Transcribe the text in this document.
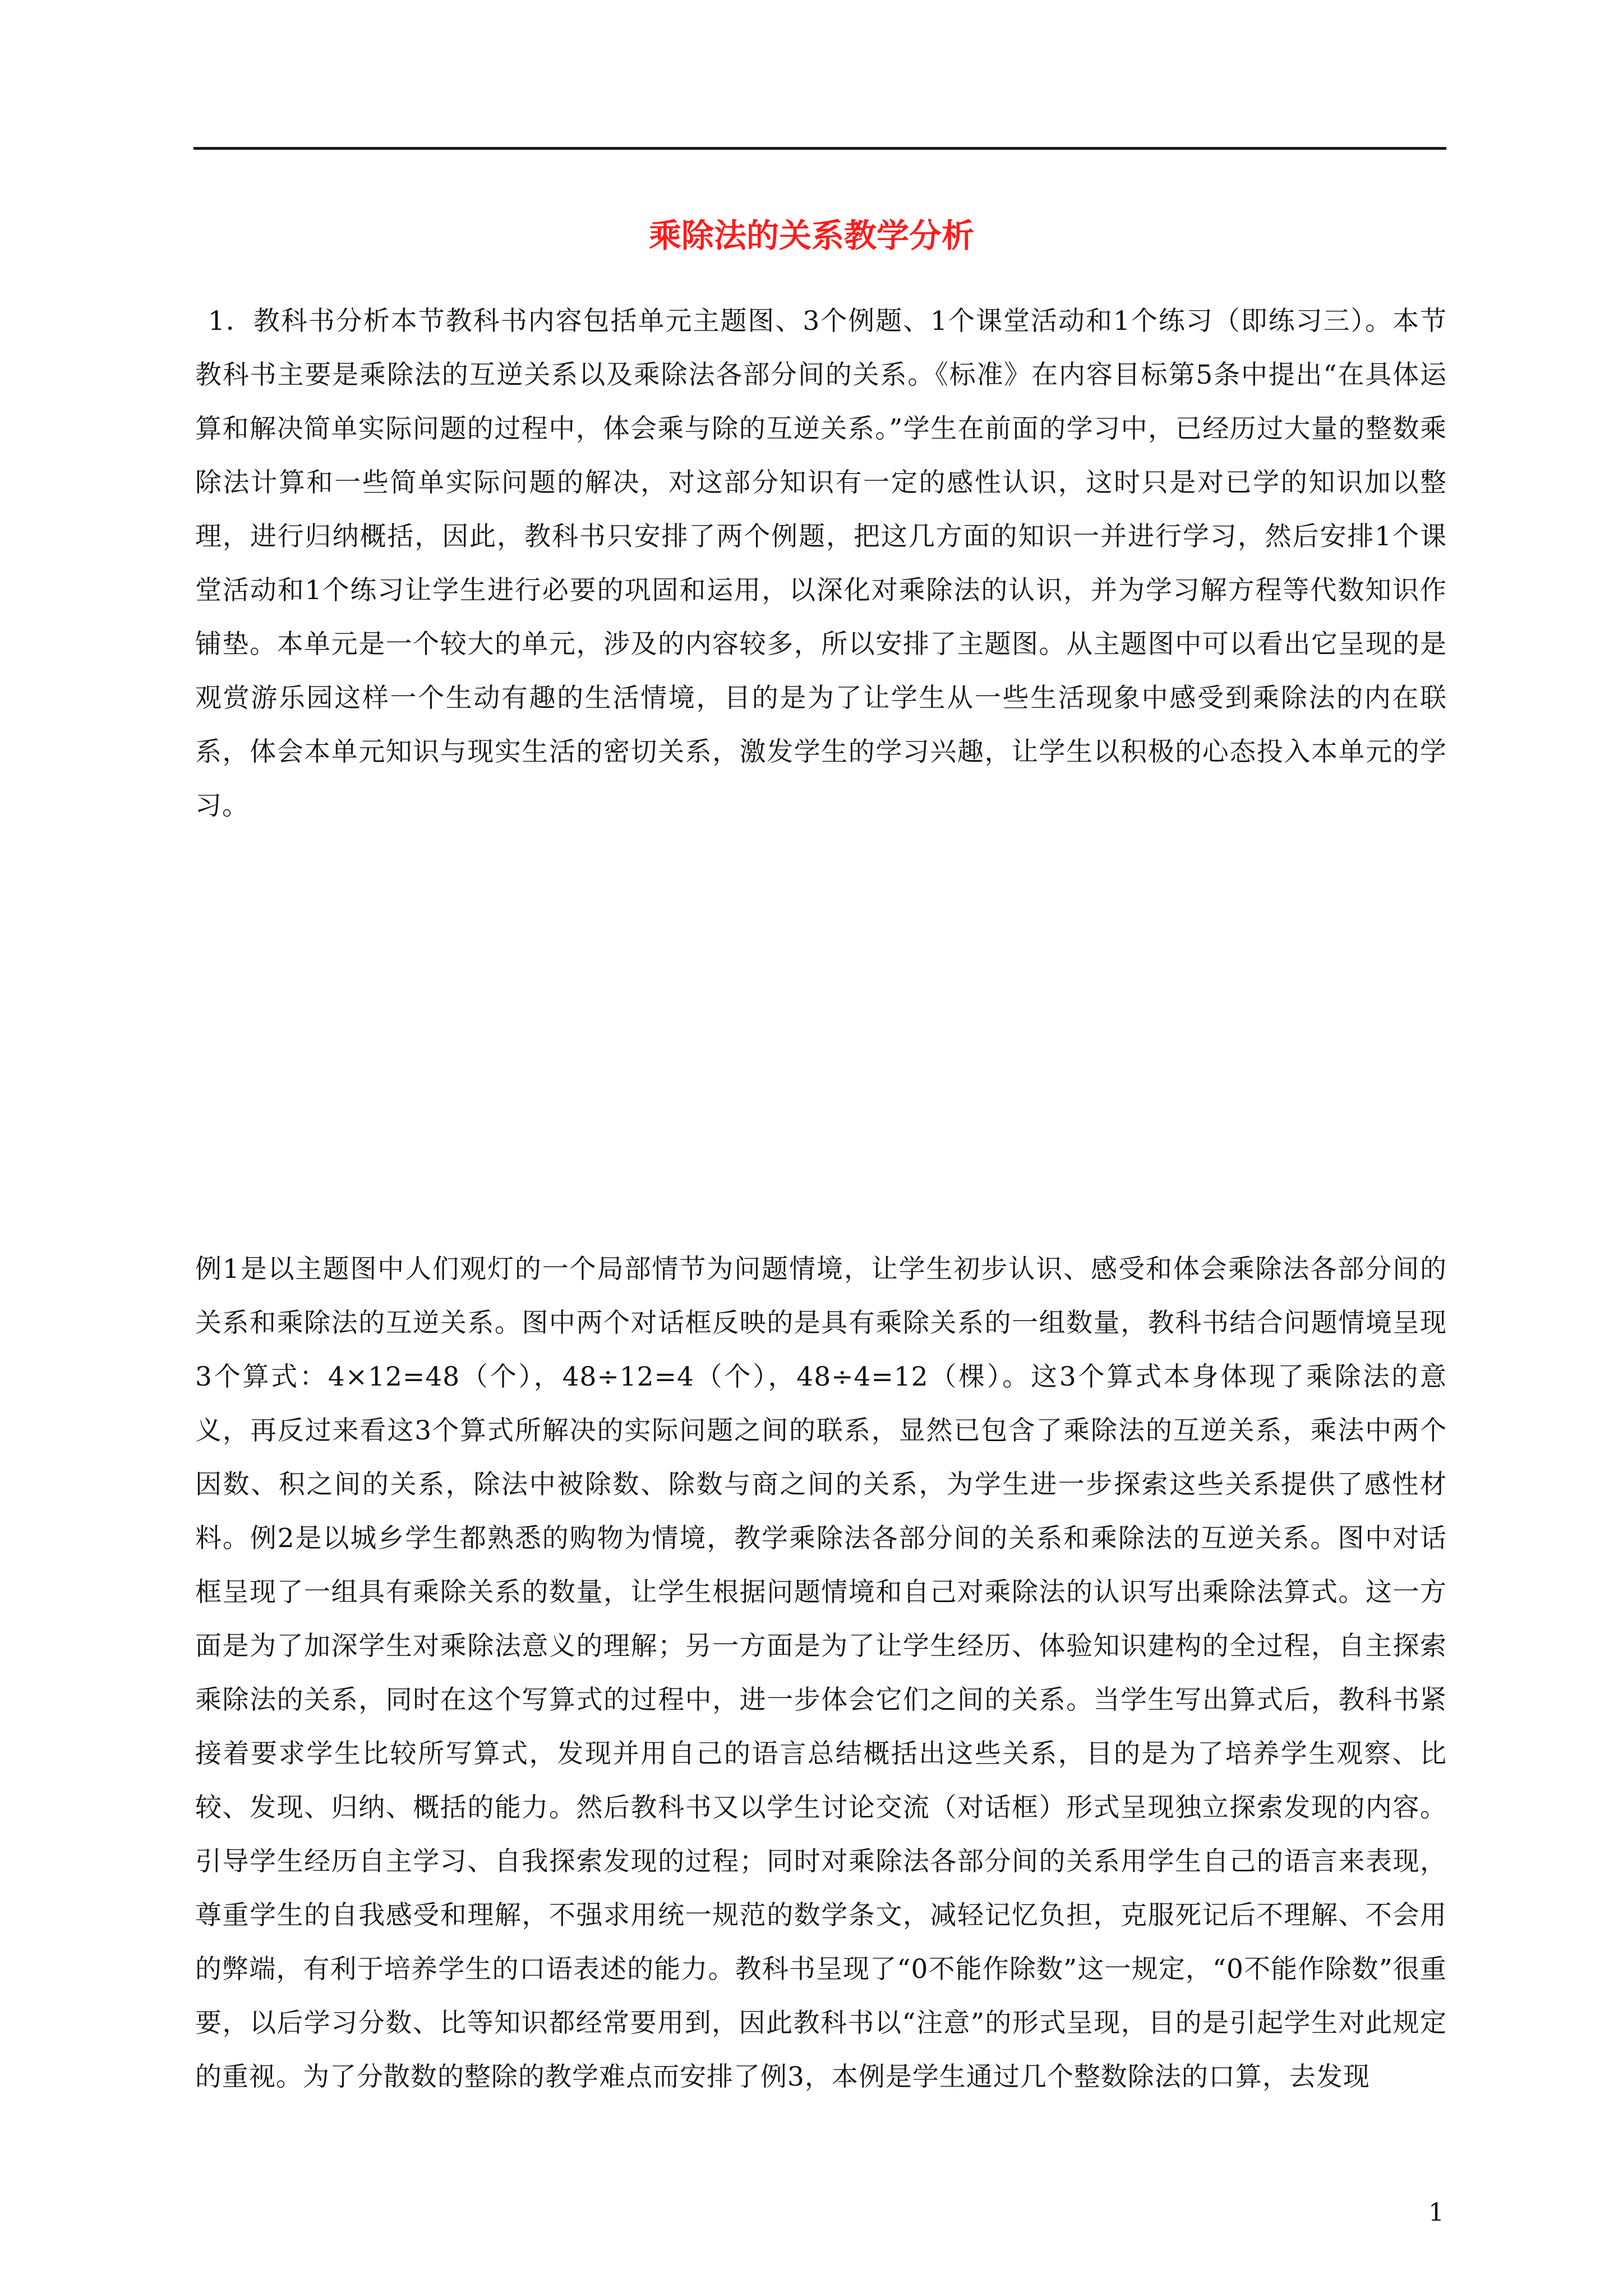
乘除法的关系教学分析

1．教科书分析本节教科书内容包括单元主题图、3个例题、1个课堂活动和1个练习（即练习三）。本节教科书主要是乘除法的互逆关系以及乘除法各部分间的关系。《标准》在内容目标第5条中提出“在具体运算和解决简单实际问题的过程中，体会乘与除的互逆关系。”学生在前面的学习中，已经历过大量的整数乘除法计算和一些简单实际问题的解决，对这部分知识有一定的感性认识，这时只是对已学的知识加以整理，进行归纳概括，因此，教科书只安排了两个例题，把这几方面的知识一并进行学习，然后安排1个课堂活动和1个练习让学生进行必要的巩固和运用，以深化对乘除法的认识，并为学习解方程等代数知识作铺垫。本单元是一个较大的单元，涉及的内容较多，所以安排了主题图。从主题图中可以看出它呈现的是观赏游乐园这样一个生动有趣的生活情境，目的是为了让学生从一些生活现象中感受到乘除法的内在联系，体会本单元知识与现实生活的密切关系，激发学生的学习兴趣，让学生以积极的心态投入本单元的学习。

例1是以主题图中人们观灯的一个局部情节为问题情境，让学生初步认识、感受和体会乘除法各部分间的关系和乘除法的互逆关系。图中两个对话框反映的是具有乘除关系的一组数量，教科书结合问题情境呈现3个算式：4×12=48（个），48÷12=4（个），48÷4=12（棵）。这3个算式本身体现了乘除法的意义，再反过来看这3个算式所解决的实际问题之间的联系，显然已包含了乘除法的互逆关系，乘法中两个因数、积之间的关系，除法中被除数、除数与商之间的关系，为学生进一步探索这些关系提供了感性材料。例2是以城乡学生都熟悉的购物为情境，教学乘除法各部分间的关系和乘除法的互逆关系。图中对话框呈现了一组具有乘除关系的数量，让学生根据问题情境和自己对乘除法的认识写出乘除法算式。这一方面是为了加深学生对乘除法意义的理解；另一方面是为了让学生经历、体验知识建构的全过程，自主探索乘除法的关系，同时在这个写算式的过程中，进一步体会它们之间的关系。当学生写出算式后，教科书紧接着要求学生比较所写算式，发现并用自己的语言总结概括出这些关系，目的是为了培养学生观察、比较、发现、归纳、概括的能力。然后教科书又以学生讨论交流（对话框）形式呈现独立探索发现的内容。引导学生经历自主学习、自我探索发现的过程；同时对乘除法各部分间的关系用学生自己的语言来表现，尊重学生的自我感受和理解，不强求用统一规范的数学条文，减轻记忆负担，克服死记后不理解、不会用的弊端，有利于培养学生的口语表述的能力。教科书呈现了“0不能作除数”这一规定，“0不能作除数”很重要，以后学习分数、比等知识都经常要用到，因此教科书以“注意”的形式呈现，目的是引起学生对此规定的重视。为了分散数的整除的教学难点而安排了例3，本例是学生通过几个整数除法的口算，去发现

1
